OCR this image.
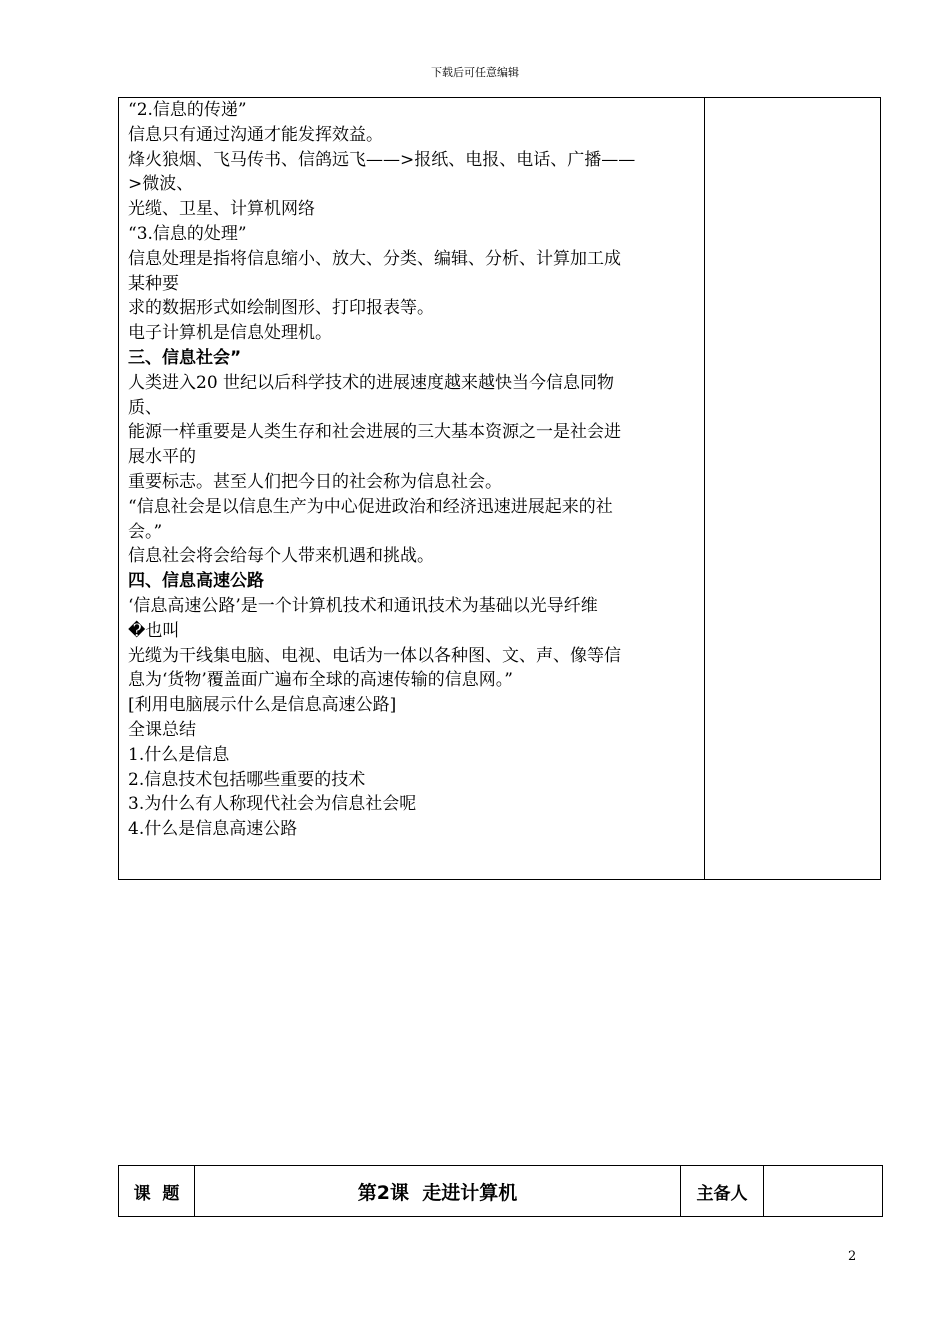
下载后可任意编辑
“2.信息的传递”
信息只有通过沟通才能发挥效益。
烽火狼烟、飞马传书、信鸽远飞——>报纸、电报、电话、广播——
>微波、
光缆、卫星、计算机网络
“3.信息的处理”
信息处理是指将信息缩小、放大、分类、编辑、分析、计算加工成
某种要
求的数据形式如绘制图形、打印报表等。
电子计算机是信息处理机。
三、信息社会”
人类进入20 世纪以后科学技术的进展速度越来越快当今信息同物
质、
能源一样重要是人类生存和社会进展的三大基本资源之一是社会进
展水平的
重要标志。甚至人们把今日的社会称为信息社会。
“信息社会是以信息生产为中心促进政治和经济迅速进展起来的社
会。”
信息社会将会给每个人带来机遇和挑战。
四、信息高速公路
‘信息高速公路’是一个计算机技术和通讯技术为基础以光导纤维
�也叫
光缆为干线集电脑、电视、电话为一体以各种图、文、声、像等信
息为‘货物’覆盖面广遍布全球的高速传输的信息网。”
[利用电脑展示什么是信息高速公路]
全课总结
1.什么是信息
2.信息技术包括哪些重要的技术
3.为什么有人称现代社会为信息社会呢
4.什么是信息高速公路
课  题	第2课  走进计算机	主备人
2
